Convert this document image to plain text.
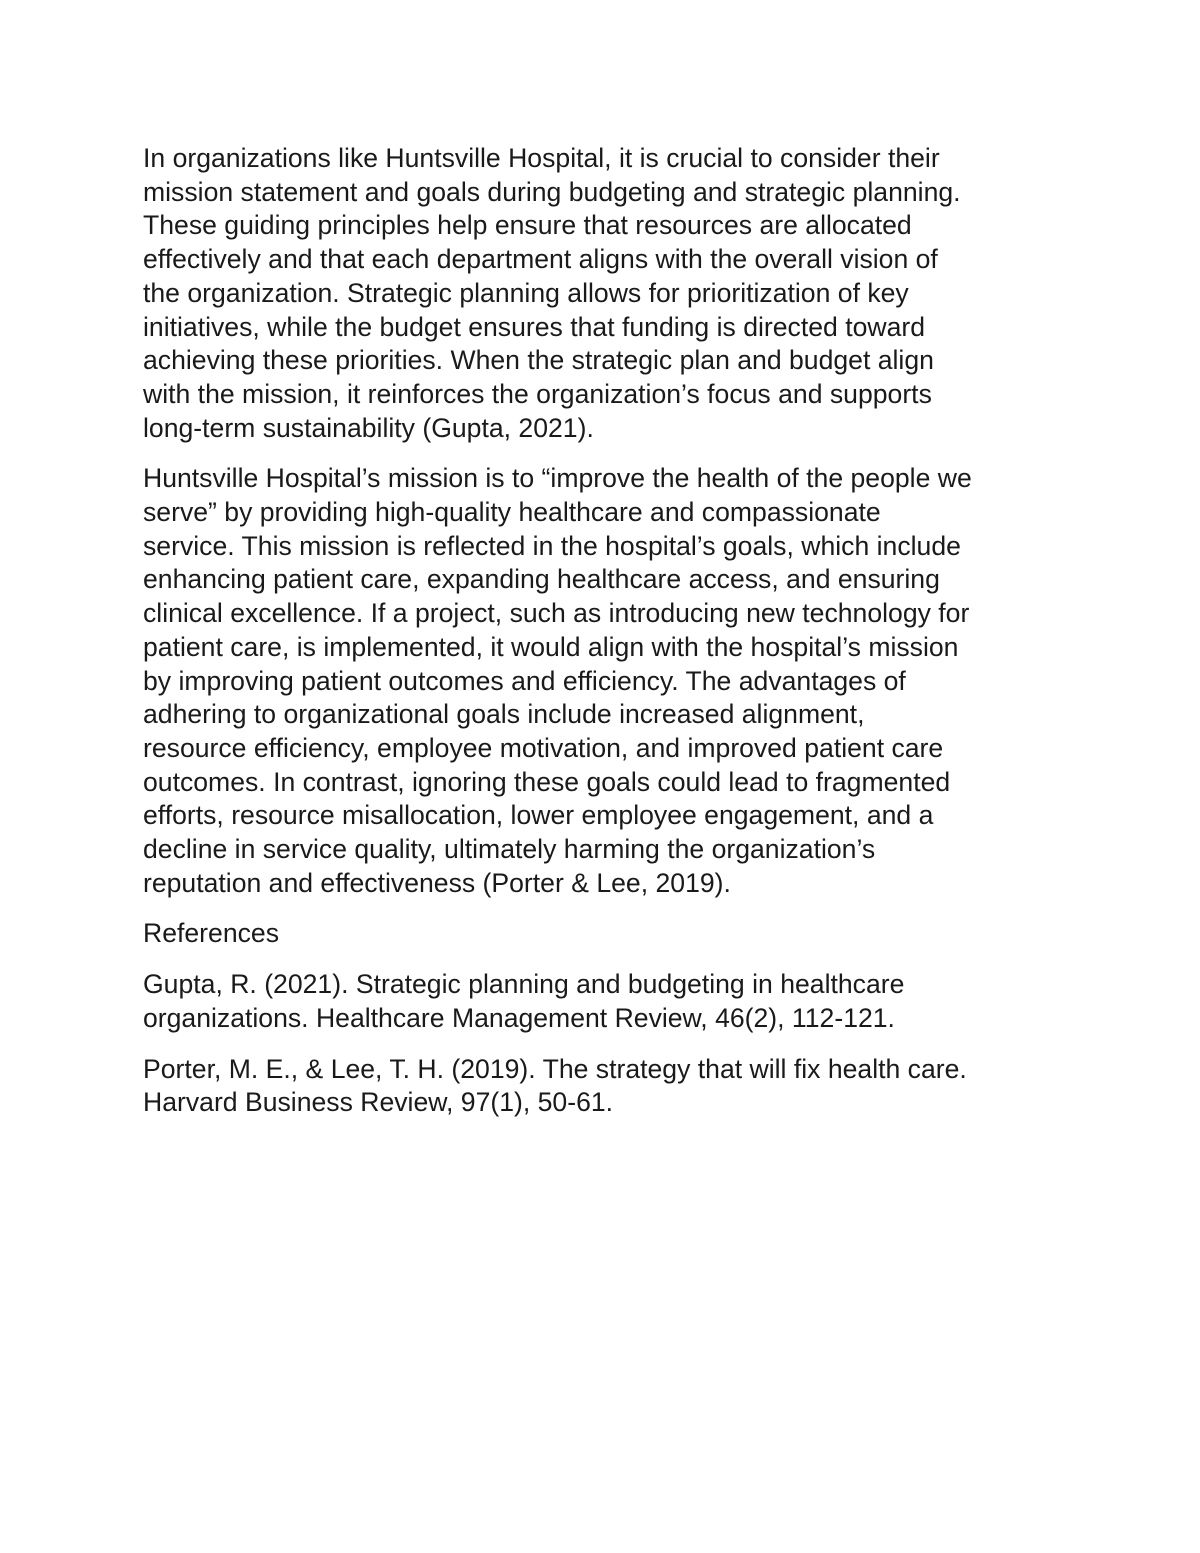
In organizations like Huntsville Hospital, it is crucial to consider their
mission statement and goals during budgeting and strategic planning.
These guiding principles help ensure that resources are allocated
effectively and that each department aligns with the overall vision of
the organization. Strategic planning allows for prioritization of key
initiatives, while the budget ensures that funding is directed toward
achieving these priorities. When the strategic plan and budget align
with the mission, it reinforces the organization’s focus and supports
long-term sustainability (Gupta, 2021).

Huntsville Hospital’s mission is to “improve the health of the people we
serve” by providing high-quality healthcare and compassionate
service. This mission is reflected in the hospital’s goals, which include
enhancing patient care, expanding healthcare access, and ensuring
clinical excellence. If a project, such as introducing new technology for
patient care, is implemented, it would align with the hospital’s mission
by improving patient outcomes and efficiency. The advantages of
adhering to organizational goals include increased alignment,
resource efficiency, employee motivation, and improved patient care
outcomes. In contrast, ignoring these goals could lead to fragmented
efforts, resource misallocation, lower employee engagement, and a
decline in service quality, ultimately harming the organization’s
reputation and effectiveness (Porter & Lee, 2019).

References

Gupta, R. (2021). Strategic planning and budgeting in healthcare
organizations. Healthcare Management Review, 46(2), 112-121.

Porter, M. E., & Lee, T. H. (2019). The strategy that will fix health care.
Harvard Business Review, 97(1), 50-61.
